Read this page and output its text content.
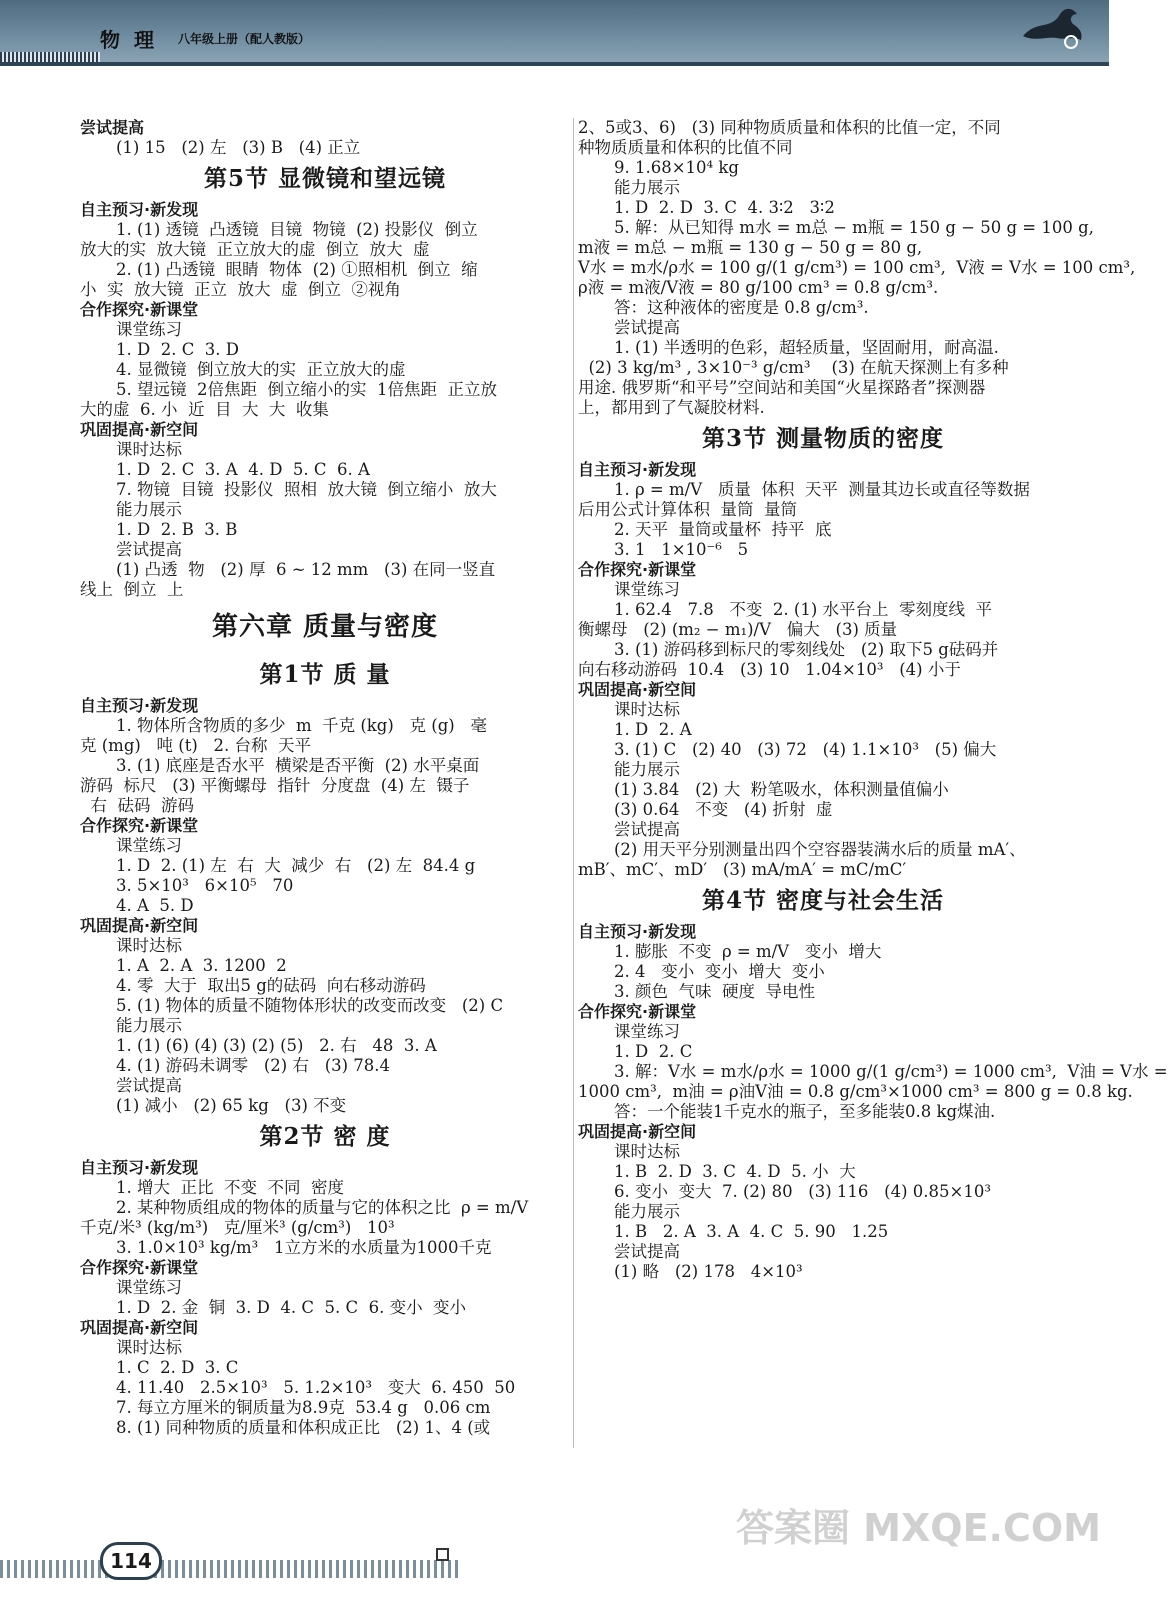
物理 八年级上册（配人教版）
尝试提高
(1) 15   (2) 左   (3) B   (4) 正立
第5节 显微镜和望远镜
自主预习·新发现
1. (1) 透镜  凸透镜  目镜  物镜  (2) 投影仪  倒立
放大的实  放大镜  正立放大的虚  倒立  放大  虚
2. (1) 凸透镜  眼睛  物体  (2) ①照相机  倒立  缩
小  实  放大镜  正立  放大  虚  倒立  ②视角
合作探究·新课堂
课堂练习
1. D  2. C  3. D
4. 显微镜  倒立放大的实  正立放大的虚
5. 望远镜  2倍焦距  倒立缩小的实  1倍焦距  正立放
大的虚  6. 小  近  目  大  大  收集
巩固提高·新空间
课时达标
1. D  2. C  3. A  4. D  5. C  6. A
7. 物镜  目镜  投影仪  照相  放大镜  倒立缩小  放大
能力展示
1. D  2. B  3. B
尝试提高
(1) 凸透  物   (2) 厚  6 ~ 12 mm   (3) 在同一竖直
线上  倒立  上
第六章 质量与密度
第1节 质 量
自主预习·新发现
1. 物体所含物质的多少  m  千克 (kg)   克 (g)   毫
克 (mg)   吨 (t)   2. 台称  天平
3. (1) 底座是否水平  横梁是否平衡  (2) 水平桌面
游码  标尺   (3) 平衡螺母  指针  分度盘  (4) 左  镊子
右  砝码  游码
合作探究·新课堂
课堂练习
1. D  2. (1) 左  右  大  减少  右   (2) 左  84.4 g
3. 5×10³   6×10⁵   70
4. A  5. D
巩固提高·新空间
课时达标
1. A  2. A  3. 1200  2
4. 零  大于  取出5 g的砝码  向右移动游码
5. (1) 物体的质量不随物体形状的改变而改变   (2) C
能力展示
1. (1) (6) (4) (3) (2) (5)   2. 右   48  3. A
4. (1) 游码未调零   (2) 右   (3) 78.4
尝试提高
(1) 减小   (2) 65 kg   (3) 不变
第2节 密 度
自主预习·新发现
1. 增大  正比  不变  不同  密度
2. 某种物质组成的物体的质量与它的体积之比  ρ = m/V
千克/米³ (kg/m³)   克/厘米³ (g/cm³)   10³
3. 1.0×10³ kg/m³   1立方米的水质量为1000千克
合作探究·新课堂
课堂练习
1. D  2. 金  铜  3. D  4. C  5. C  6. 变小  变小
巩固提高·新空间
课时达标
1. C  2. D  3. C
4. 11.40   2.5×10³   5. 1.2×10³   变大  6. 450  50
7. 每立方厘米的铜质量为8.9克  53.4 g   0.06 cm
8. (1) 同种物质的质量和体积成正比   (2) 1、4 (或
2、5或3、6)   (3) 同种物质质量和体积的比值一定，不同
种物质质量和体积的比值不同
9. 1.68×10⁴ kg
能力展示
1. D  2. D  3. C  4. 3∶2   3∶2
5. 解：从已知得 m水 = m总 − m瓶 = 150 g − 50 g = 100 g,
m液 = m总 − m瓶 = 130 g − 50 g = 80 g,
V水 = m水/ρ水 = 100 g/(1 g/cm³) = 100 cm³,  V液 = V水 = 100 cm³,
ρ液 = m液/V液 = 80 g/100 cm³ = 0.8 g/cm³.
答：这种液体的密度是 0.8 g/cm³.
尝试提高
1. (1) 半透明的色彩，超轻质量，坚固耐用，耐高温.
(2) 3 kg/m³ , 3×10⁻³ g/cm³    (3) 在航天探测上有多种
用途. 俄罗斯“和平号”空间站和美国“火星探路者”探测器
上，都用到了气凝胶材料.
第3节 测量物质的密度
自主预习·新发现
1. ρ = m/V   质量  体积  天平  测量其边长或直径等数据
后用公式计算体积  量筒  量筒
2. 天平  量筒或量杯  持平  底
3. 1   1×10⁻⁶   5
合作探究·新课堂
课堂练习
1. 62.4   7.8   不变  2. (1) 水平台上  零刻度线  平
衡螺母   (2) (m₂ − m₁)/V   偏大   (3) 质量
3. (1) 游码移到标尺的零刻线处   (2) 取下5 g砝码并
向右移动游码  10.4   (3) 10   1.04×10³   (4) 小于
巩固提高·新空间
课时达标
1. D  2. A
3. (1) C   (2) 40   (3) 72   (4) 1.1×10³   (5) 偏大
能力展示
(1) 3.84   (2) 大  粉笔吸水，体积测量值偏小
(3) 0.64   不变   (4) 折射  虚
尝试提高
(2) 用天平分别测量出四个空容器装满水后的质量 mA′、
mB′、mC′、mD′   (3) mA/mA′ = mC/mC′
第4节 密度与社会生活
自主预习·新发现
1. 膨胀  不变  ρ = m/V   变小  增大
2. 4   变小  变小  增大  变小
3. 颜色  气味  硬度  导电性
合作探究·新课堂
课堂练习
1. D  2. C
3. 解：V水 = m水/ρ水 = 1000 g/(1 g/cm³) = 1000 cm³,  V油 = V水 =
1000 cm³,  m油 = ρ油V油 = 0.8 g/cm³×1000 cm³ = 800 g = 0.8 kg.
答：一个能装1千克水的瓶子，至多能装0.8 kg煤油.
巩固提高·新空间
课时达标
1. B  2. D  3. C  4. D  5. 小  大
6. 变小  变大  7. (2) 80   (3) 116   (4) 0.85×10³
能力展示
1. B   2. A  3. A  4. C  5. 90   1.25
尝试提高
(1) 略   (2) 178   4×10³
114
答案圈 MXQE.COM
